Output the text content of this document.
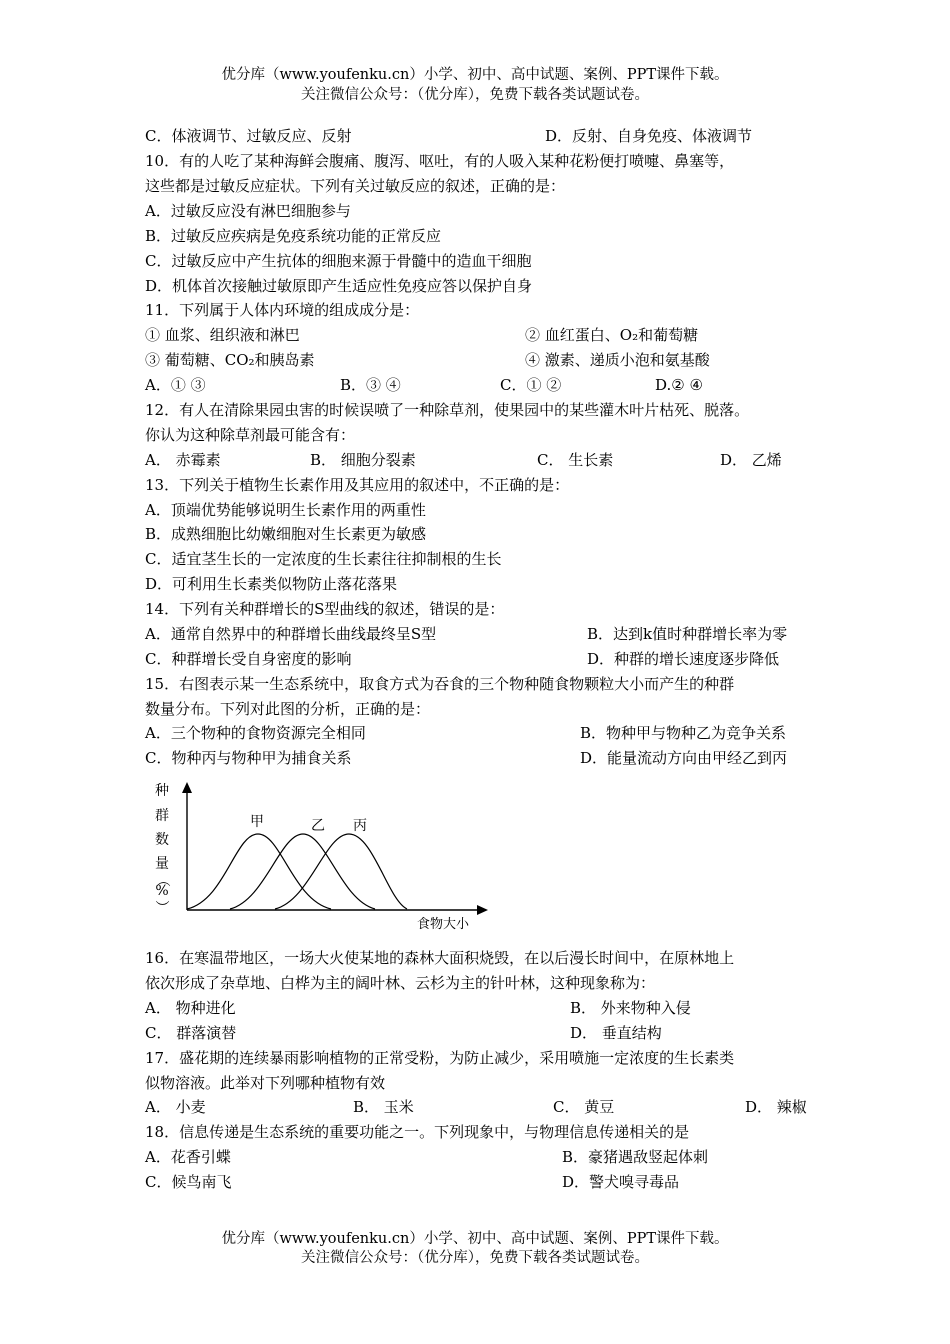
优分库（www.youfenku.cn）小学、初中、高中试题、案例、PPT课件下载。
关注微信公众号：（优分库），免费下载各类试题试卷。
C．体液调节、过敏反应、反射	D．反射、自身免疫、体液调节
10．有的人吃了某种海鲜会腹痛、腹泻、呕吐，有的人吸入某种花粉便打喷嚏、鼻塞等，
这些都是过敏反应症状。下列有关过敏反应的叙述，正确的是：
A．过敏反应没有淋巴细胞参与
B．过敏反应疾病是免疫系统功能的正常反应
C．过敏反应中产生抗体的细胞来源于骨髓中的造血干细胞
D．机体首次接触过敏原即产生适应性免疫应答以保护自身
11．下列属于人体内环境的组成成分是：
① 血浆、组织液和淋巴	② 血红蛋白、O₂和葡萄糖
③ 葡萄糖、CO₂和胰岛素	④ 激素、递质小泡和氨基酸
A．① ③	B．③ ④	C．① ②	D.② ④
12．有人在清除果园虫害的时候误喷了一种除草剂，使果园中的某些灌木叶片枯死、脱落。
你认为这种除草剂最可能含有：
A． 赤霉素	B． 细胞分裂素	C． 生长素	D． 乙烯
13．下列关于植物生长素作用及其应用的叙述中，不正确的是：
A．顶端优势能够说明生长素作用的两重性
B．成熟细胞比幼嫩细胞对生长素更为敏感
C．适宜茎生长的一定浓度的生长素往往抑制根的生长
D．可利用生长素类似物防止落花落果
14．下列有关种群增长的S型曲线的叙述，错误的是：
A．通常自然界中的种群增长曲线最终呈S型	B．达到k值时种群增长率为零
C．种群增长受自身密度的影响	D．种群的增长速度逐步降低
15．右图表示某一生态系统中，取食方式为吞食的三个物种随食物颗粒大小而产生的种群
数量分布。下列对此图的分析，正确的是：
A．三个物种的食物资源完全相同	B．物种甲与物种乙为竞争关系
C．物种丙与物种甲为捕食关系	D．能量流动方向由甲经乙到丙
种
群
数
量
（
%
）
甲	乙 丙
食物大小
16．在寒温带地区，一场大火使某地的森林大面积烧毁，在以后漫长时间中，在原林地上
依次形成了杂草地、白桦为主的阔叶林、云杉为主的针叶林，这种现象称为：
A． 物种进化	B． 外来物种入侵
C． 群落演替	D． 垂直结构
17．盛花期的连续暴雨影响植物的正常受粉，为防止减少，采用喷施一定浓度的生长素类
似物溶液。此举对下列哪种植物有效
A． 小麦	B． 玉米	C． 黄豆	D． 辣椒
18．信息传递是生态系统的重要功能之一。下列现象中，与物理信息传递相关的是
A．花香引蝶	B．豪猪遇敌竖起体刺
C．候鸟南飞	D．警犬嗅寻毒品
优分库（www.youfenku.cn）小学、初中、高中试题、案例、PPT课件下载。
关注微信公众号：（优分库），免费下载各类试题试卷。
